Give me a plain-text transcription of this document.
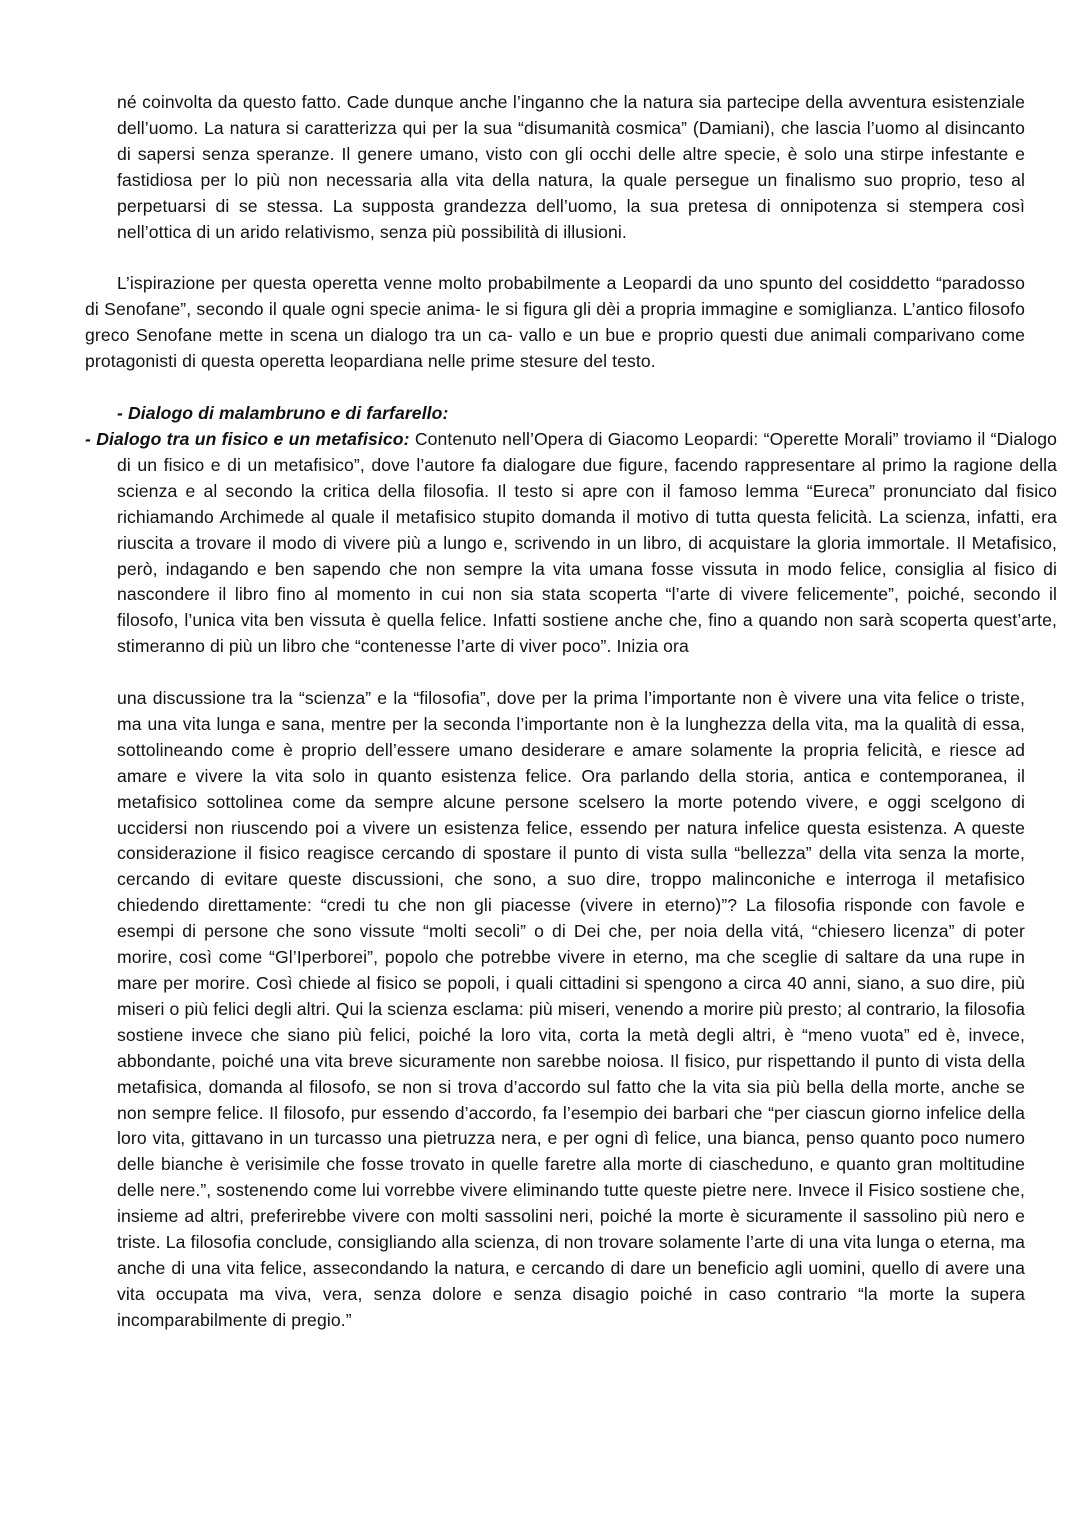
né coinvolta da questo fatto. Cade dunque anche l’inganno che la natura sia partecipe della avventura esistenziale dell’uomo. La natura si caratterizza qui per la sua “disumanità cosmica” (Damiani), che lascia l’uomo al disincanto di sapersi senza speranze. Il genere umano, visto con gli occhi delle altre specie, è solo una stirpe infestante e fastidiosa per lo più non necessaria alla vita della natura, la quale persegue un finalismo suo proprio, teso al perpetuarsi di se stessa. La supposta grandezza dell’uomo, la sua pretesa di onnipotenza si stempera così nell’ottica di un arido relativismo, senza più possibilità di illusioni.

L’ispirazione per questa operetta venne molto probabilmente a Leopardi da uno spunto del cosiddetto “paradosso di Senofane”, secondo il quale ogni specie anima- le si figura gli dèi a propria immagine e somiglianza. L’antico filosofo greco Senofane mette in scena un dialogo tra un ca- vallo e un bue e proprio questi due animali comparivano come protagonisti di questa operetta leopardiana nelle prime stesure del testo.

- Dialogo di malambruno e di farfarello:

- Dialogo tra un fisico e un metafisico: Contenuto nell’Opera di Giacomo Leopardi: “Operette Morali” troviamo il “Dialogo di un fisico e di un metafisico”, dove l’autore fa dialogare due figure, facendo rappresentare al primo la ragione della scienza e al secondo la critica della filosofia. Il testo si apre con il famoso lemma “Eureca” pronunciato dal fisico richiamando Archimede al quale il metafisico stupito domanda il motivo di tutta questa felicità. La scienza, infatti, era riuscita a trovare il modo di vivere più a lungo e, scrivendo in un libro, di acquistare la gloria immortale. Il Metafisico, però, indagando e ben sapendo che non sempre la vita umana fosse vissuta in modo felice, consiglia al fisico di nascondere il libro fino al momento in cui non sia stata scoperta “l’arte di vivere felicemente”, poiché, secondo il filosofo, l’unica vita ben vissuta è quella felice. Infatti sostiene anche che, fino a quando non sarà scoperta quest’arte, stimeranno di più un libro che “contenesse l’arte di viver poco”. Inizia ora

una discussione tra la “scienza” e la “filosofia”, dove per la prima l’importante non è vivere una vita felice o triste, ma una vita lunga e sana, mentre per la seconda l’importante non è la lunghezza della vita, ma la qualità di essa, sottolineando come è proprio dell’essere umano desiderare e amare solamente la propria felicità, e riesce ad amare e vivere la vita solo in quanto esistenza felice. Ora parlando della storia, antica e contemporanea, il metafisico sottolinea come da sempre alcune persone scelsero la morte potendo vivere, e oggi scelgono di uccidersi non riuscendo poi a vivere un esistenza felice, essendo per natura infelice questa esistenza. A queste considerazione il fisico reagisce cercando di spostare il punto di vista sulla “bellezza” della vita senza la morte, cercando di evitare queste discussioni, che sono, a suo dire, troppo malinconiche e interroga il metafisico chiedendo direttamente: “credi tu che non gli piacesse (vivere in eterno)”? La filosofia risponde con favole e esempi di persone che sono vissute “molti secoli” o di Dei che, per noia della vitá, “chiesero licenza” di poter morire, così come “Gl’Iperborei”, popolo che potrebbe vivere in eterno, ma che sceglie di saltare da una rupe in mare per morire. Così chiede al fisico se popoli, i quali cittadini si spengono a circa 40 anni, siano, a suo dire, più miseri o più felici degli altri. Qui la scienza esclama: più miseri, venendo a morire più presto; al contrario, la filosofia sostiene invece che siano più felici, poiché la loro vita, corta la metà degli altri, è “meno vuota” ed è, invece, abbondante, poiché una vita breve sicuramente non sarebbe noiosa. Il fisico, pur rispettando il punto di vista della metafisica, domanda al filosofo, se non si trova d’accordo sul fatto che la vita sia più bella della morte, anche se non sempre felice. Il filosofo, pur essendo d’accordo, fa l’esempio dei barbari che “per ciascun giorno infelice della loro vita, gittavano in un turcasso una pietruzza nera, e per ogni dì felice, una bianca, penso quanto poco numero delle bianche è verisimile che fosse trovato in quelle faretre alla morte di ciascheduno, e quanto gran moltitudine delle nere.”, sostenendo come lui vorrebbe vivere eliminando tutte queste pietre nere. Invece il Fisico sostiene che, insieme ad altri, preferirebbe vivere con molti sassolini neri, poiché la morte è sicuramente il sassolino più nero e triste. La filosofia conclude, consigliando alla scienza, di non trovare solamente l’arte di una vita lunga o eterna, ma anche di una vita felice, assecondando la natura, e cercando di dare un beneficio agli uomini, quello di avere una vita occupata ma viva, vera, senza dolore e senza disagio poiché in caso contrario “la morte la supera incomparabilmente di pregio.”
